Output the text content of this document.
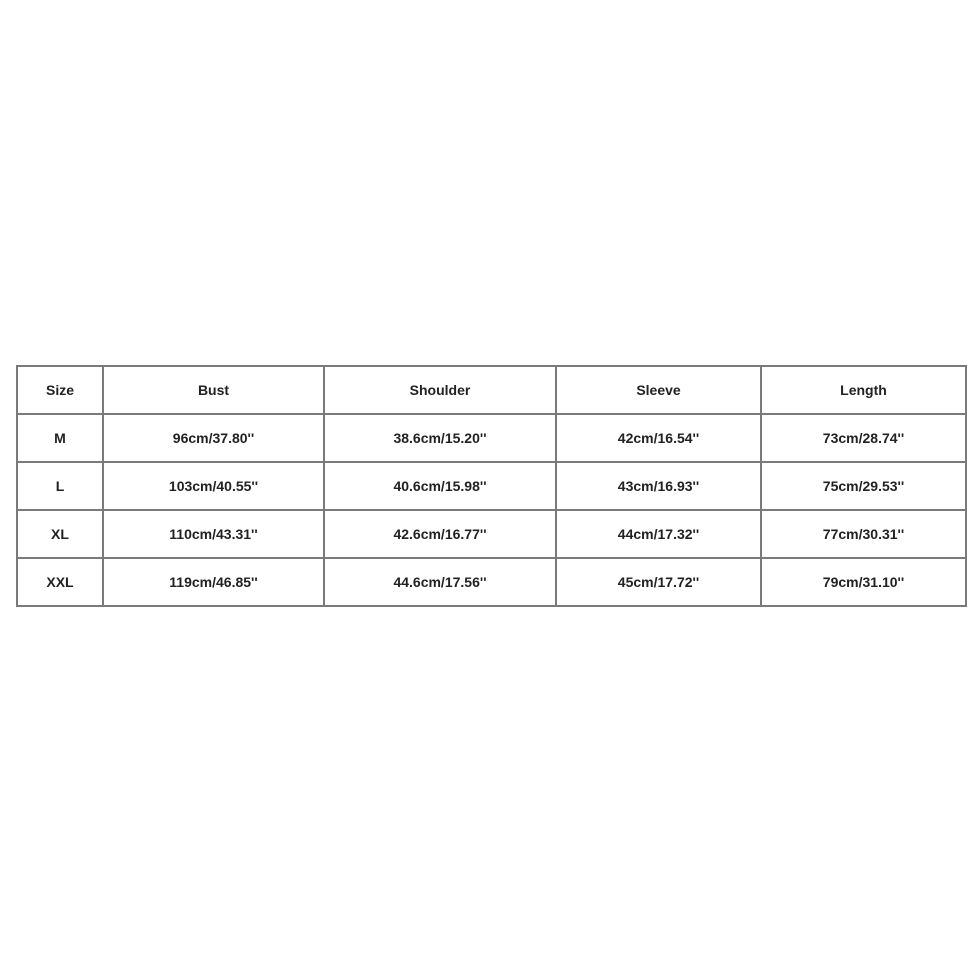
Size	Bust	Shoulder	Sleeve	Length
M	96cm/37.80''	38.6cm/15.20''	42cm/16.54''	73cm/28.74''
L	103cm/40.55''	40.6cm/15.98''	43cm/16.93''	75cm/29.53''
XL	110cm/43.31''	42.6cm/16.77''	44cm/17.32''	77cm/30.31''
XXL	119cm/46.85''	44.6cm/17.56''	45cm/17.72''	79cm/31.10''
